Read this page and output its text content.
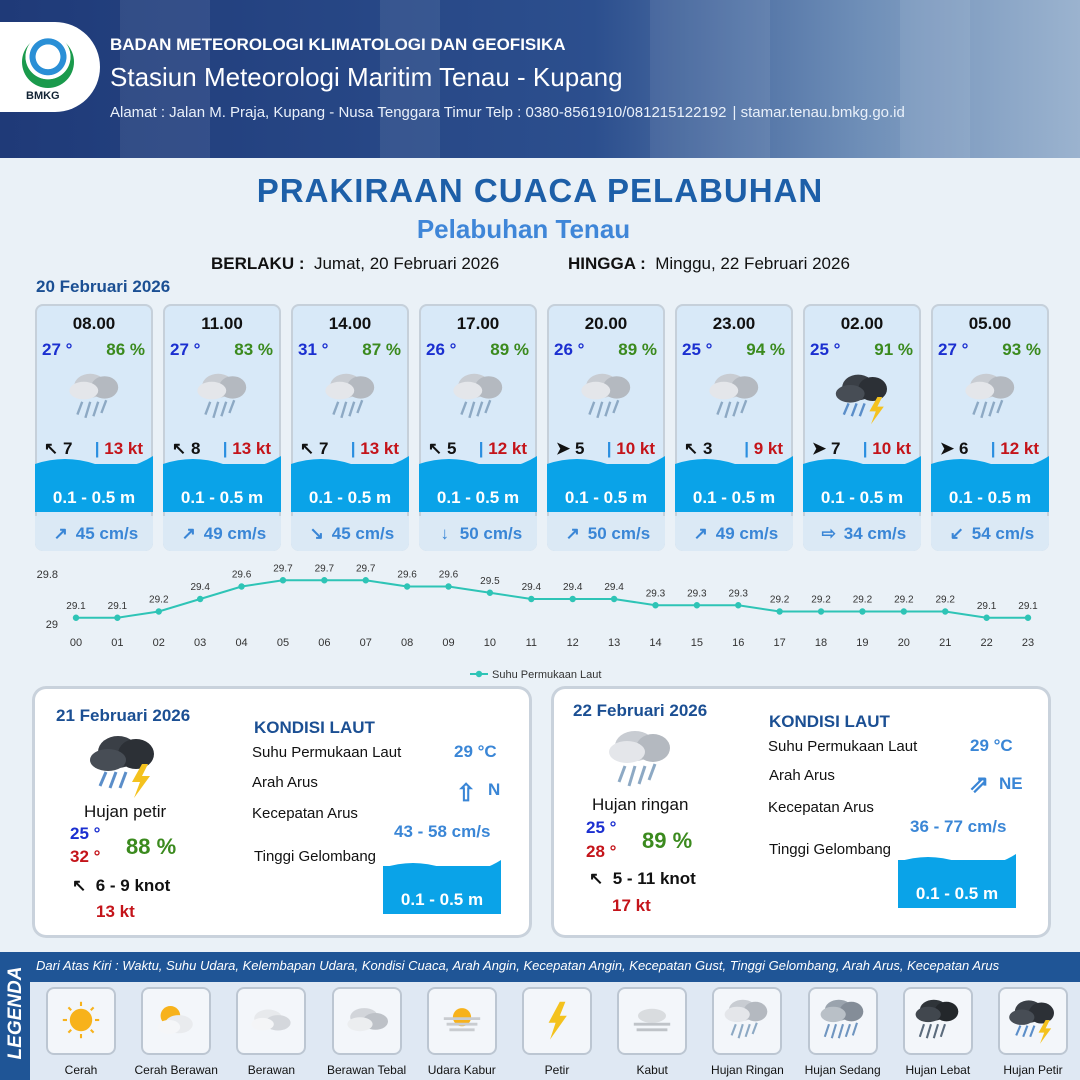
BMKG
BADAN METEOROLOGI KLIMATOLOGI DAN GEOFISIKA
Stasiun Meteorologi Maritim Tenau - Kupang
Alamat : Jalan M. Praja, Kupang - Nusa Tenggara Timur Telp : 0380-8561910/081215122192 | stamar.tenau.bmkg.go.id
PRAKIRAAN CUACA PELABUHAN
Pelabuhan Tenau
BERLAKU : Jumat, 20 Februari 2026	HINGGA : Minggu, 22 Februari 2026
20 Februari 2026
08.00
27 ° 86 %
↖ 7	| 13 kt
0.1 - 0.5 m
↗ 45 cm/s
11.00
27 ° 83 %
↖ 8	| 13 kt
0.1 - 0.5 m
↗ 49 cm/s
14.00
31 ° 87 %
↖ 7	| 13 kt
0.1 - 0.5 m
↘ 45 cm/s
17.00
26 ° 89 %
↖ 5	| 12 kt
0.1 - 0.5 m
↓ 50 cm/s
20.00
26 ° 89 %
➤ 5	| 10 kt
0.1 - 0.5 m
↗ 50 cm/s
23.00
25 ° 94 %
↖ 3	| 9 kt
0.1 - 0.5 m
↗ 49 cm/s
02.00
25 ° 91 %
➤ 7	| 10 kt
0.1 - 0.5 m
⇨ 34 cm/s
05.00
27 ° 93 %
➤ 6	| 12 kt
0.1 - 0.5 m
↙ 54 cm/s
29.8
29
29.1
00
29.1
01
29.2
02
29.4
03
29.6
04
29.7
05
29.7
06
29.7
07
29.6
08
29.6
09
29.5
10
29.4
11
29.4
12
29.4
13
29.3
14
29.3
15
29.3
16
29.2
17
29.2
18
29.2
19
29.2
20
29.2
21
29.1
22
29.1
23
Suhu Permukaan Laut
21 Februari 2026
Hujan petir
25 °
32 ° 88 %
↖ 6 - 9 knot
13 kt
KONDISI LAUT
Suhu Permukaan Laut	29 °C
Arah Arus	⇧ N
Kecepatan Arus
43 - 58 cm/s
Tinggi Gelombang
0.1 - 0.5 m
22 Februari 2026
Hujan ringan
25 °
28 ° 89 %
↖ 5 - 11 knot
17 kt
KONDISI LAUT
Suhu Permukaan Laut	29 °C
Arah Arus	⇗ NE
Kecepatan Arus
36 - 77 cm/s
Tinggi Gelombang
0.1 - 0.5 m
LEGENDA
Dari Atas Kiri : Waktu, Suhu Udara, Kelembapan Udara, Kondisi Cuaca, Arah Angin, Kecepatan Angin, Kecepatan Gust, Tinggi Gelombang, Arah Arus, Kecepatan Arus
Cerah	Cerah Berawan	Berawan	Berawan Tebal	Udara Kabur	Petir	Kabut	Hujan Ringan	Hujan Sedang	Hujan Lebat	Hujan Petir
